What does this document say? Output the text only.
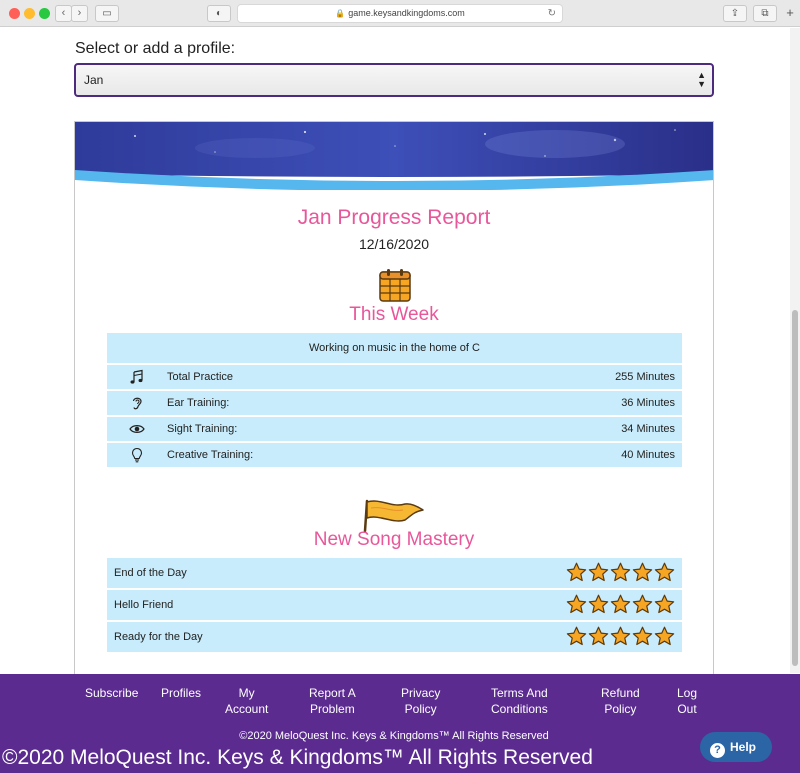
‹	›	▭	◐	🔒 game.keysandkingdoms.com	↻	⇪	⧉	+
Select or add a profile:
Jan	▲
▼
Jan Progress Report
12/16/2020
This Week
Working on music in the home of C
Total Practice	255 Minutes
Ear Training:	36 Minutes
Sight Training:	34 Minutes
Creative Training:	40 Minutes
New Song Mastery
End of the Day
Hello Friend
Ready for the Day
Subscribe Profiles	My
Account
Report A
Problem
Privacy
Policy
Terms And
Conditions
Refund
Policy
Log
Out
©2020 MeloQuest Inc. Keys & Kingdoms™ All Rights Reserved
©2020 MeloQuest Inc. Keys & Kingdoms™ All Rights Reserved	? Help
